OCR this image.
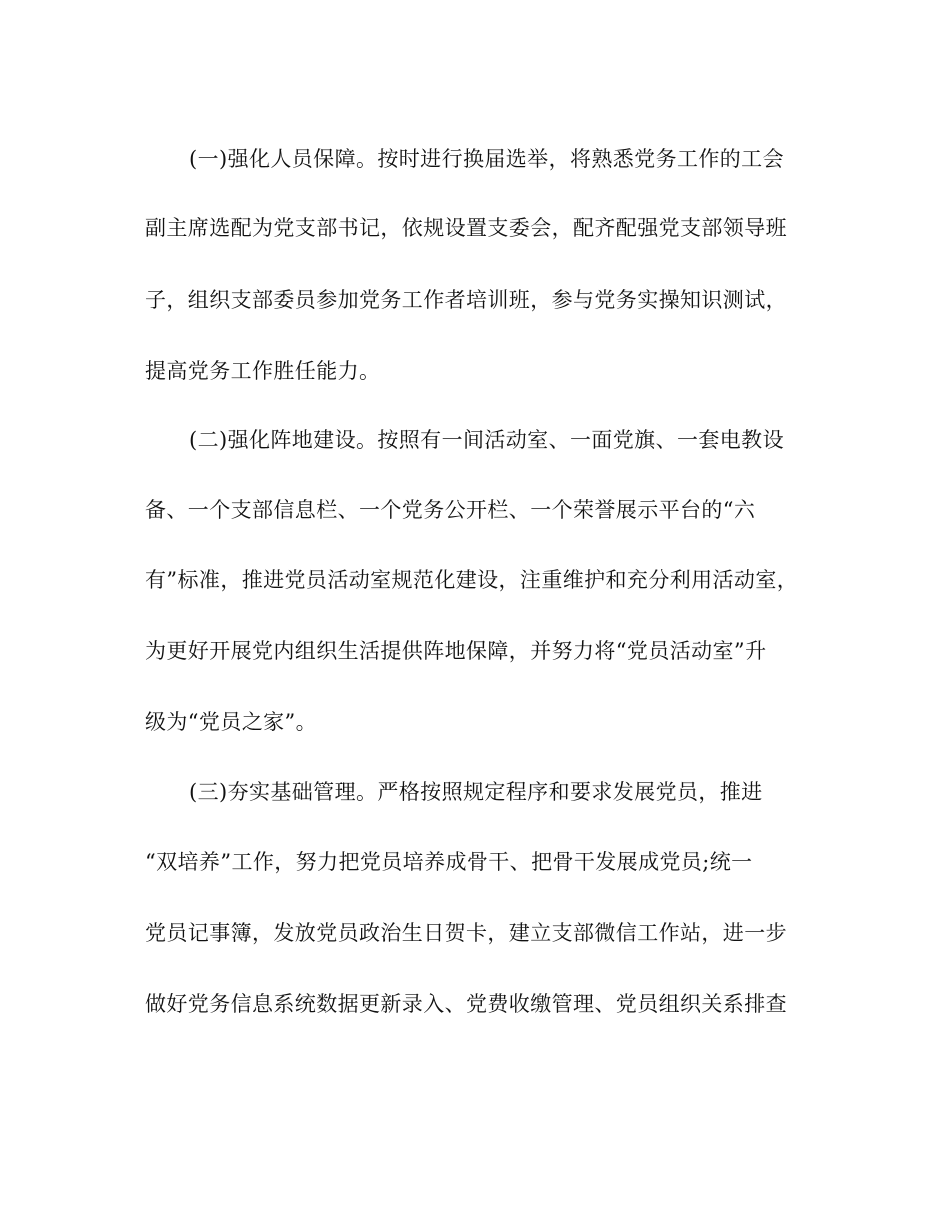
(一)强化人员保障。按时进行换届选举，将熟悉党务工作的工会

副主席选配为党支部书记，依规设置支委会，配齐配强党支部领导班

子，组织支部委员参加党务工作者培训班，参与党务实操知识测试，

提高党务工作胜任能力。

(二)强化阵地建设。按照有一间活动室、一面党旗、一套电教设

备、一个支部信息栏、一个党务公开栏、一个荣誉展示平台的“六

有”标准，推进党员活动室规范化建设，注重维护和充分利用活动室，

为更好开展党内组织生活提供阵地保障，并努力将“党员活动室”升

级为“党员之家”。

(三)夯实基础管理。严格按照规定程序和要求发展党员，推进

“双培养”工作，努力把党员培养成骨干、把骨干发展成党员;统一

党员记事簿，发放党员政治生日贺卡，建立支部微信工作站，进一步

做好党务信息系统数据更新录入、党费收缴管理、党员组织关系排查
